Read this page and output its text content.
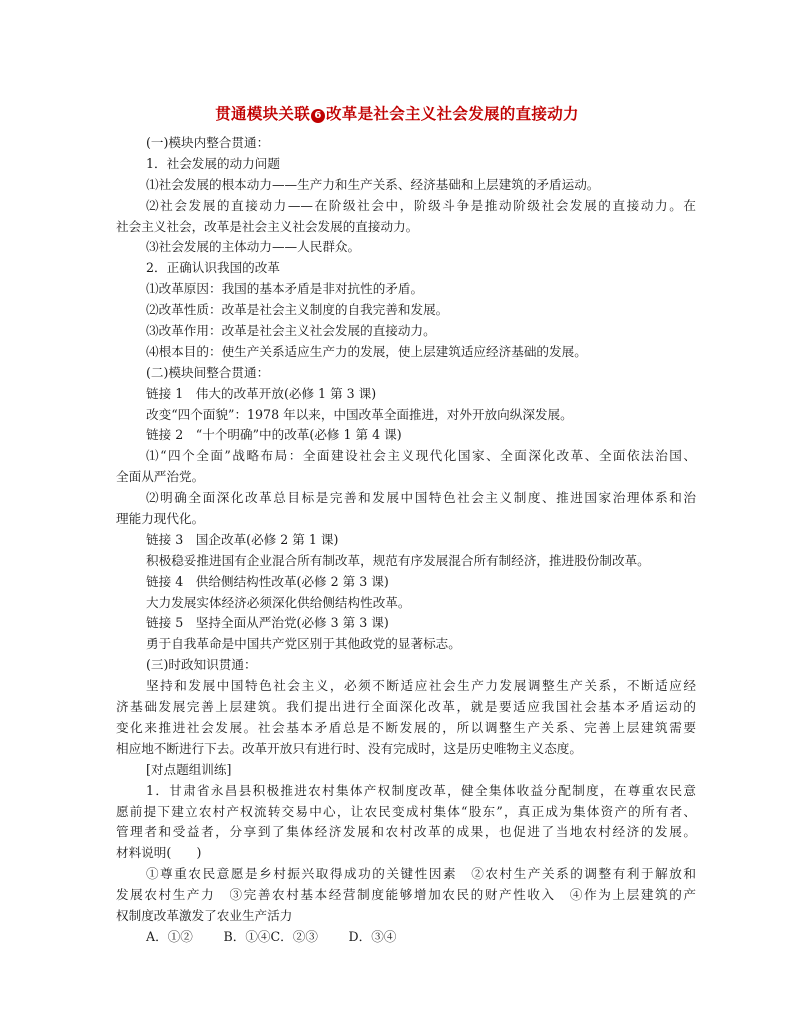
贯通模块关联 6 改革是社会主义社会发展的直接动力
(一)模块内整合贯通：
1．社会发展的动力问题
⑴社会发展的根本动力——生产力和生产关系、经济基础和上层建筑的矛盾运动。
⑵社会发展的直接动力——在阶级社会中，阶级斗争是推动阶级社会发展的直接动力。在
社会主义社会，改革是社会主义社会发展的直接动力。
⑶社会发展的主体动力——人民群众。
2．正确认识我国的改革
⑴改革原因：我国的基本矛盾是非对抗性的矛盾。
⑵改革性质：改革是社会主义制度的自我完善和发展。
⑶改革作用：改革是社会主义社会发展的直接动力。
⑷根本目的：使生产关系适应生产力的发展，使上层建筑适应经济基础的发展。
(二)模块间整合贯通：
链接 1　伟大的改革开放(必修 1 第 3 课)
改变“四个面貌”：1978 年以来，中国改革全面推进，对外开放向纵深发展。
链接 2　“十个明确”中的改革(必修 1 第 4 课)
⑴“四个全面”战略布局：全面建设社会主义现代化国家、全面深化改革、全面依法治国、
全面从严治党。
⑵明确全面深化改革总目标是完善和发展中国特色社会主义制度、推进国家治理体系和治
理能力现代化。
链接 3　国企改革(必修 2 第 1 课)
积极稳妥推进国有企业混合所有制改革，规范有序发展混合所有制经济，推进股份制改革。
链接 4　供给侧结构性改革(必修 2 第 3 课)
大力发展实体经济必须深化供给侧结构性改革。
链接 5　坚持全面从严治党(必修 3 第 3 课)
勇于自我革命是中国共产党区别于其他政党的显著标志。
(三)时政知识贯通：
坚持和发展中国特色社会主义，必须不断适应社会生产力发展调整生产关系，不断适应经
济基础发展完善上层建筑。我们提出进行全面深化改革，就是要适应我国社会基本矛盾运动的
变化来推进社会发展。社会基本矛盾总是不断发展的，所以调整生产关系、完善上层建筑需要
相应地不断进行下去。改革开放只有进行时、没有完成时，这是历史唯物主义态度。
[对点题组训练]
1．甘肃省永昌县积极推进农村集体产权制度改革，健全集体收益分配制度，在尊重农民意
愿前提下建立农村产权流转交易中心，让农民变成村集体“股东”，真正成为集体资产的所有者、
管理者和受益者，分享到了集体经济发展和农村改革的成果，也促进了当地农村经济的发展。
材料说明(　　)
①尊重农民意愿是乡村振兴取得成功的关键性因素　②农村生产关系的调整有利于解放和
发展农村生产力　③完善农村基本经营制度能够增加农民的财产性收入　④作为上层建筑的产
权制度改革激发了农业生产活力
A．①②　 B．①④C．②③　 D．③④
